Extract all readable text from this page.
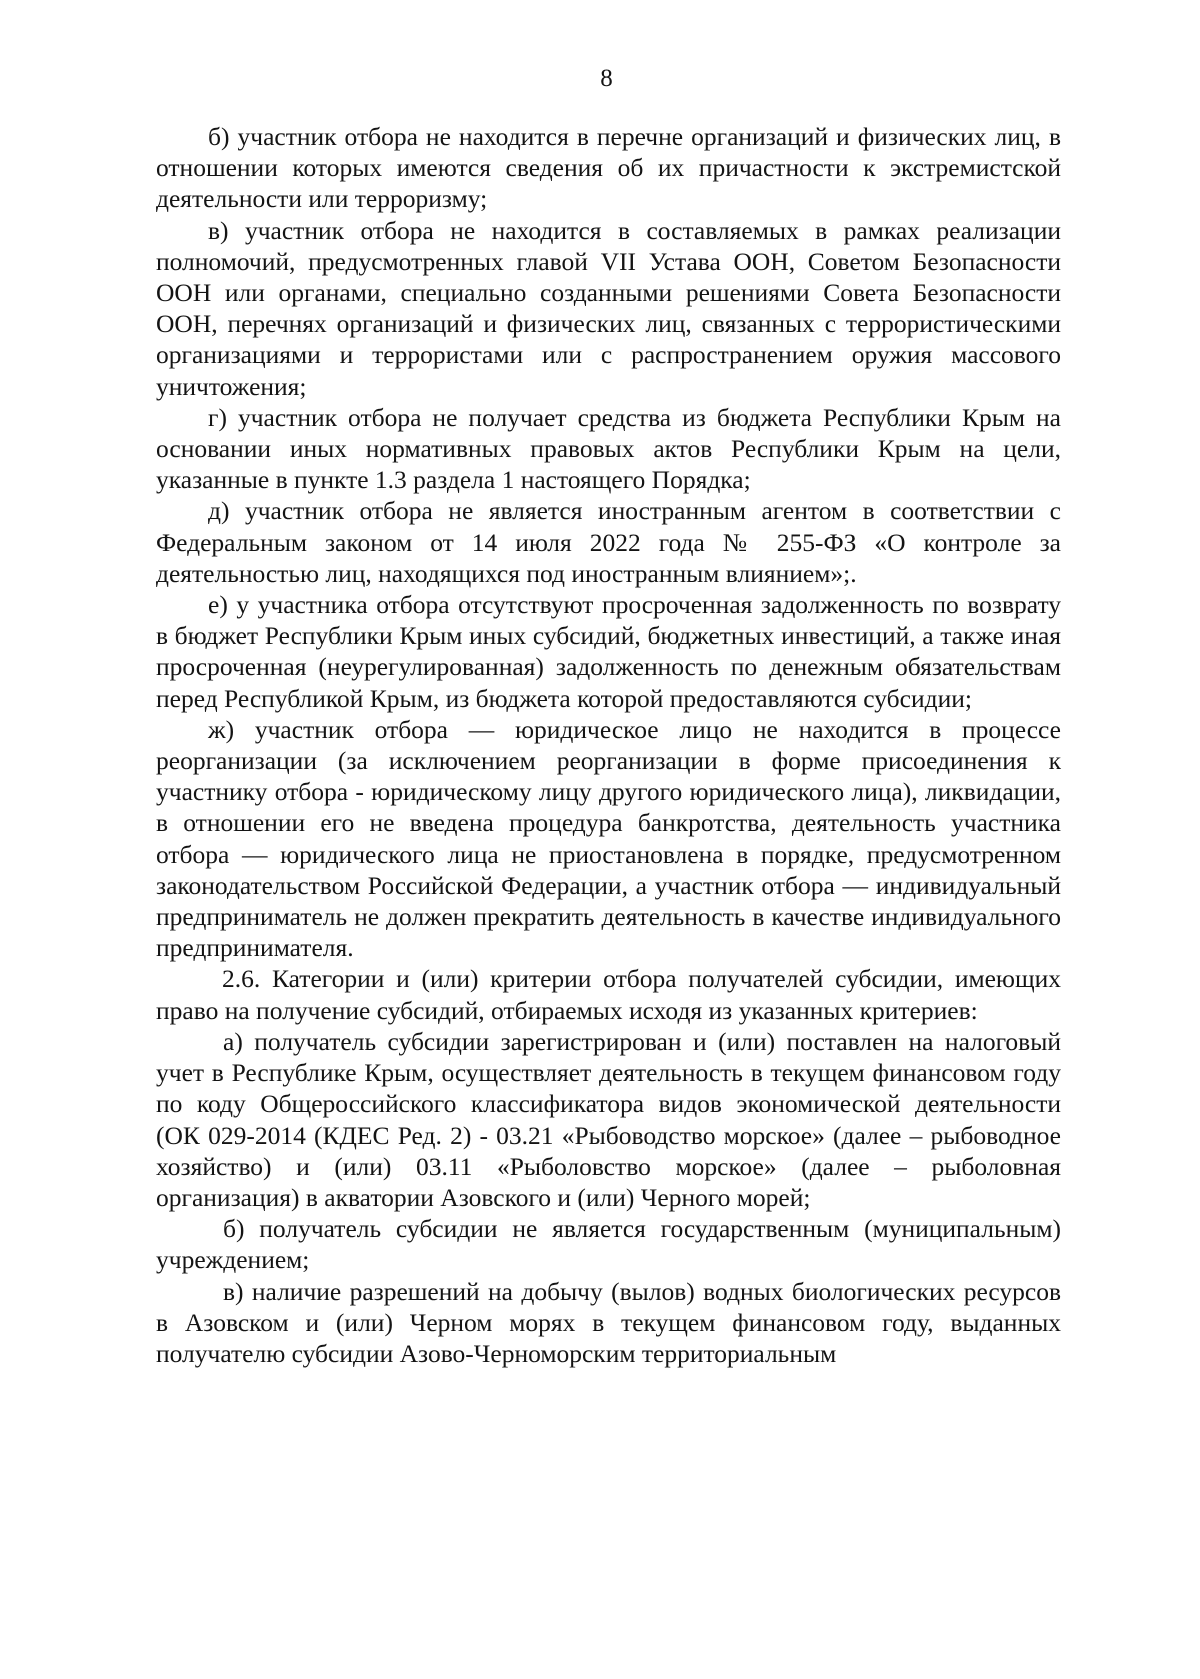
8

б) участник отбора не находится в перечне организаций и физических лиц, в отношении которых имеются сведения об их причастности к экстремистской деятельности или терроризму;

в) участник отбора не находится в составляемых в рамках реализации полномочий, предусмотренных главой VII Устава ООН, Советом Безопасности ООН или органами, специально созданными решениями Совета Безопасности ООН, перечнях организаций и физических лиц, связанных с террористическими организациями и террористами или с распространением оружия массового уничтожения;

г) участник отбора не получает средства из бюджета Республики Крым на основании иных нормативных правовых актов Республики Крым на цели, указанные в пункте 1.3 раздела 1 настоящего Порядка;

д) участник отбора не является иностранным агентом в соответствии с Федеральным законом от 14 июля 2022 года № 255-ФЗ «О контроле за деятельностью лиц, находящихся под иностранным влиянием»;.

е) у участника отбора отсутствуют просроченная задолженность по возврату в бюджет Республики Крым иных субсидий, бюджетных инвестиций, а также иная просроченная (неурегулированная) задолженность по денежным обязательствам перед Республикой Крым, из бюджета которой предоставляются субсидии;

ж) участник отбора — юридическое лицо не находится в процессе реорганизации (за исключением реорганизации в форме присоединения к участнику отбора - юридическому лицу другого юридического лица), ликвидации, в отношении его не введена процедура банкротства, деятельность участника отбора — юридического лица не приостановлена в порядке, предусмотренном законодательством Российской Федерации, а участник отбора — индивидуальный предприниматель не должен прекратить деятельность в качестве индивидуального предпринимателя.

2.6. Категории и (или) критерии отбора получателей субсидии, имеющих право на получение субсидий, отбираемых исходя из указанных критериев:

а) получатель субсидии зарегистрирован и (или) поставлен на налоговый учет в Республике Крым, осуществляет деятельность в текущем финансовом году по коду Общероссийского классификатора видов экономической деятельности (ОК 029-2014 (КДЕС Ред. 2) - 03.21 «Рыбоводство морское» (далее – рыбоводное хозяйство) и (или) 03.11 «Рыболовство морское» (далее – рыболовная организация) в акватории Азовского и (или) Черного морей;

б) получатель субсидии не является государственным (муниципальным) учреждением;

в) наличие разрешений на добычу (вылов) водных биологических ресурсов в Азовском и (или) Черном морях в текущем финансовом году, выданных получателю субсидии Азово-Черноморским территориальным
